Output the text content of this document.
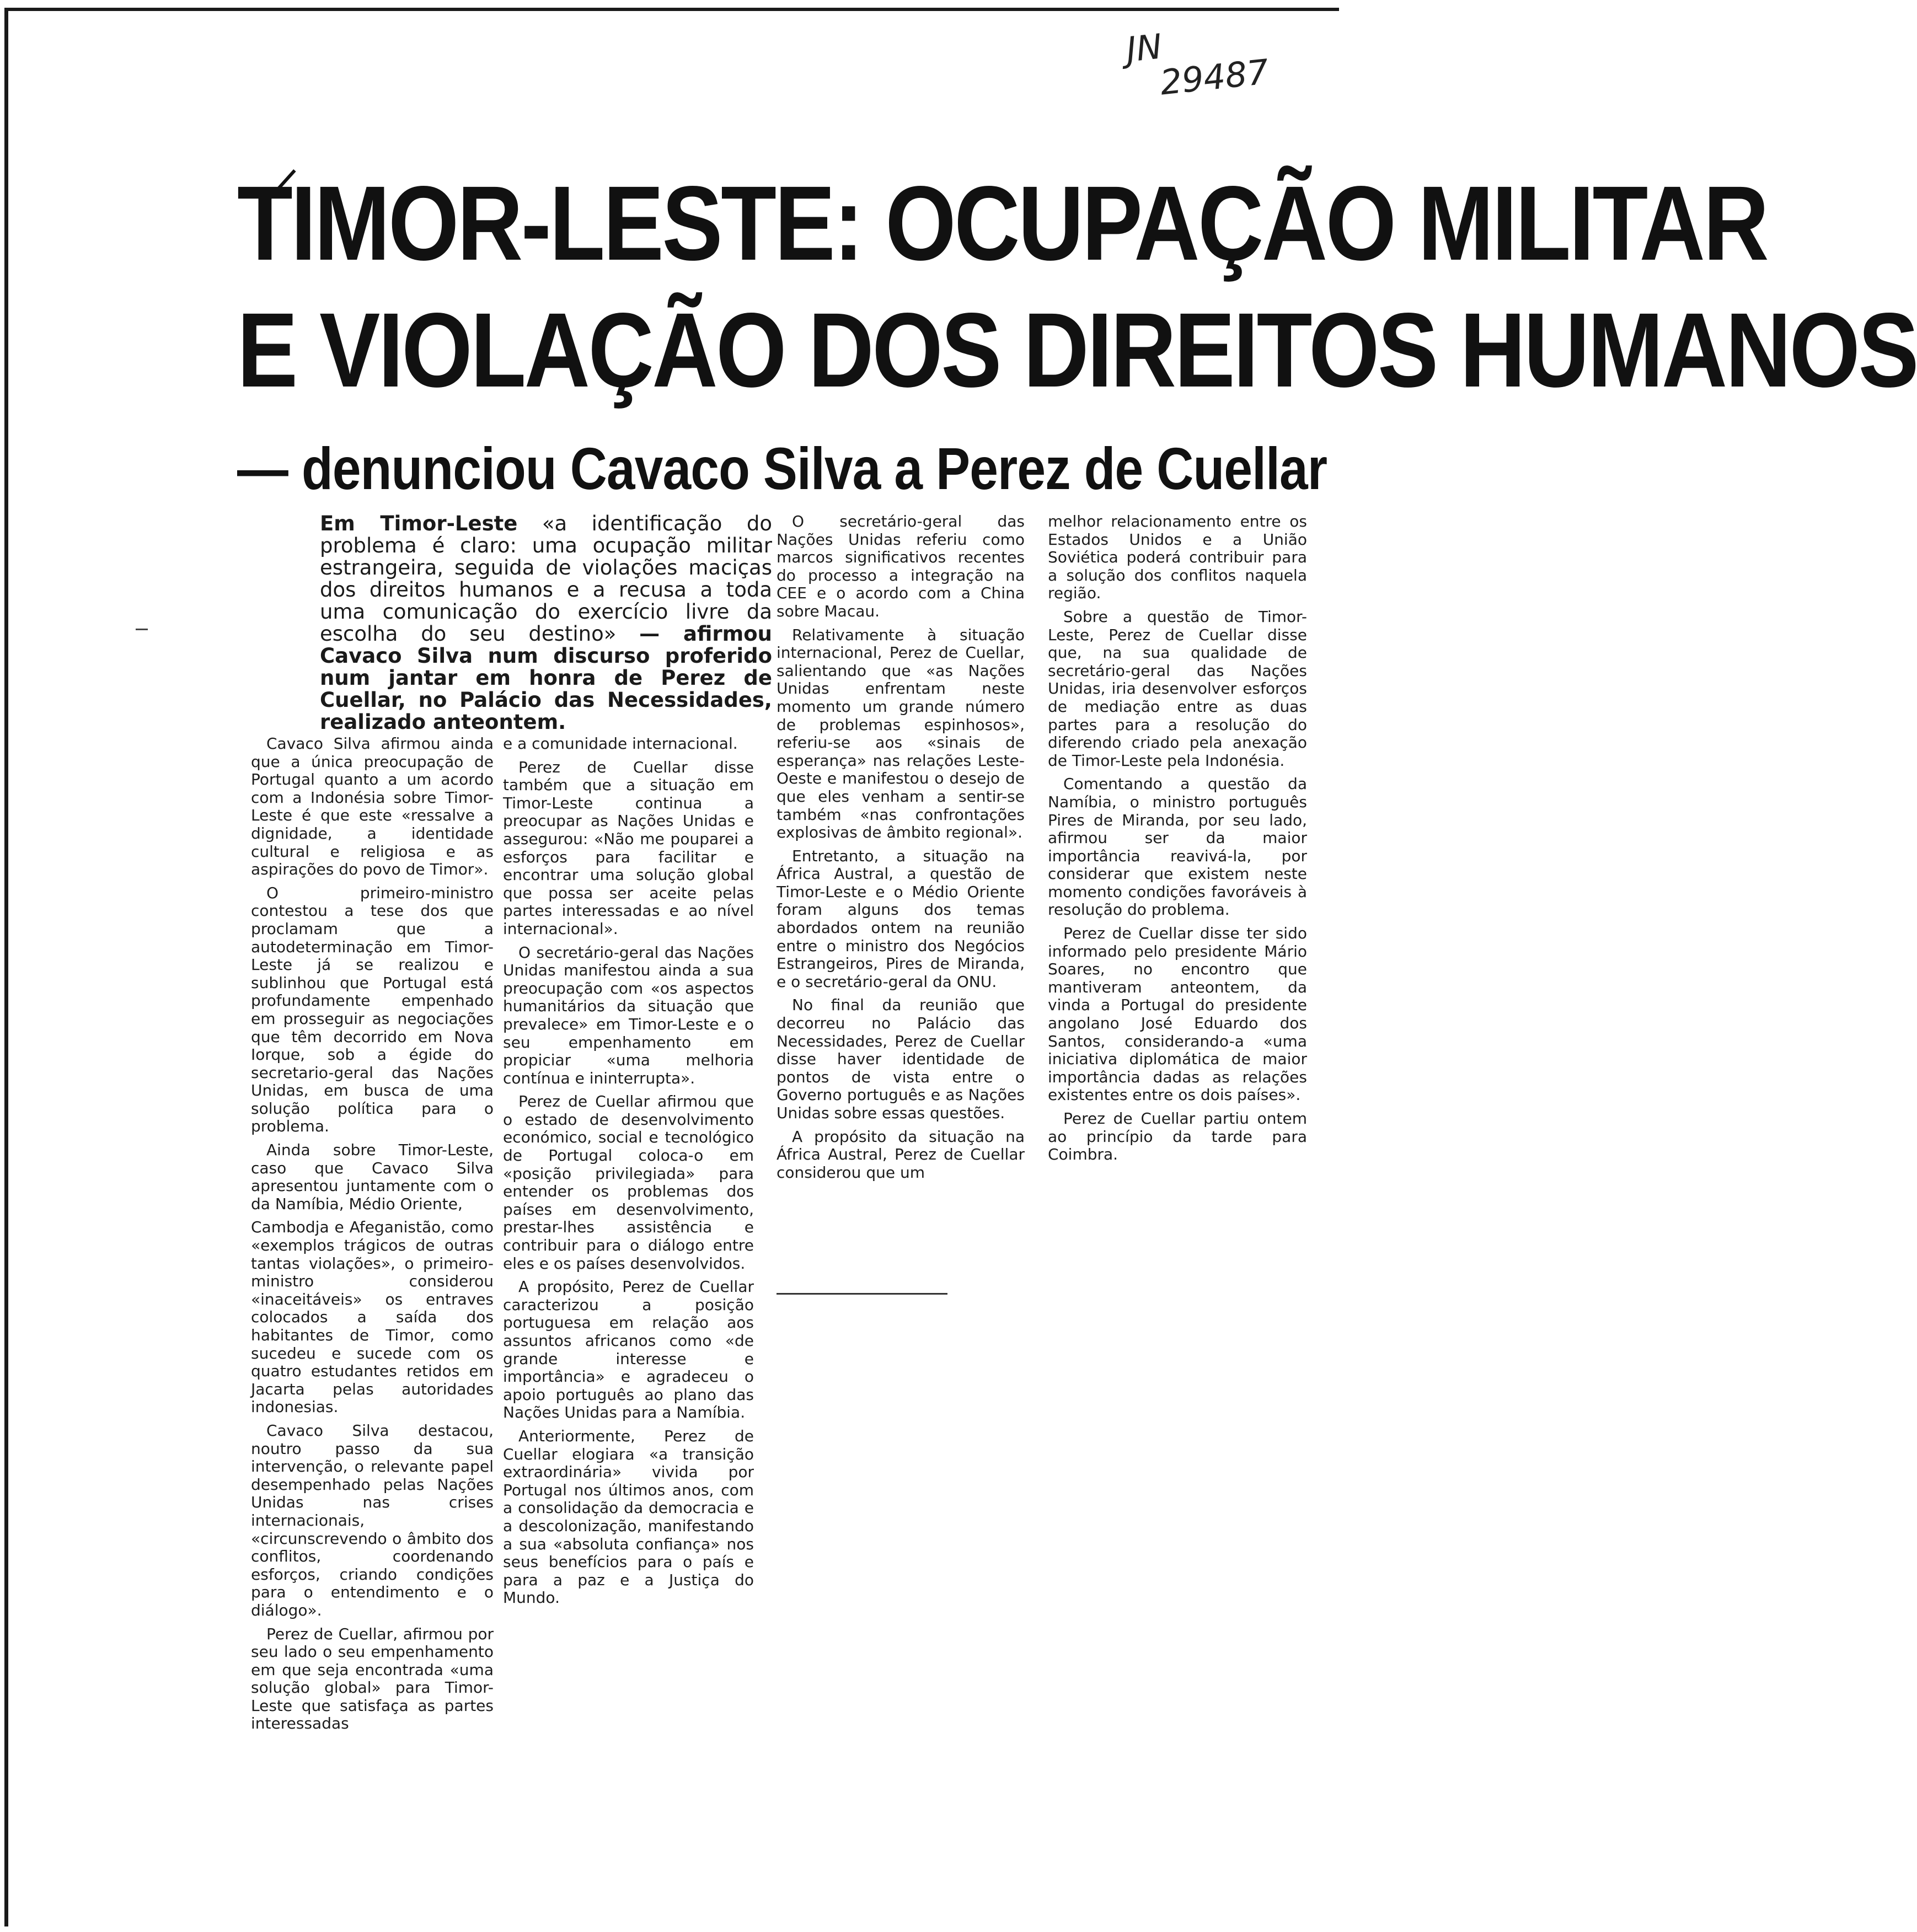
JN
29487
TIMOR-LESTE: OCUPAÇÃO MILITAR
E VIOLAÇÃO DOS DIREITOS HUMANOS
— denunciou Cavaco Silva a Perez de Cuellar
Em Timor-Leste «a identificação do problema é claro: uma ocupação militar estrangeira, seguida de violações maciças dos direitos humanos e a recusa a toda uma comunicação do exercício livre da escolha do seu destino» — afirmou Cavaco Silva num discurso proferido num jantar em honra de Perez de Cuellar, no Palácio das Necessidades, realizado anteontem.

Cavaco Silva afirmou ainda que a única preocupação de Portugal quanto a um acordo com a Indonésia sobre Timor-Leste é que este «ressalve a dignidade, a identidade cultural e religiosa e as aspirações do povo de Timor».

O primeiro-ministro contestou a tese dos que proclamam que a autodeterminação em Timor-Leste já se realizou e sublinhou que Portugal está profundamente empenhado em prosseguir as negociações que têm decorrido em Nova Iorque, sob a égide do secretario-geral das Nações Unidas, em busca de uma solução política para o problema.

Ainda sobre Timor-Leste, caso que Cavaco Silva apresentou juntamente com o da Namíbia, Médio Oriente,

Cambodja e Afeganistão, como «exemplos trágicos de outras tantas violações», o primeiro-ministro considerou «inaceitáveis» os entraves colocados a saída dos habitantes de Timor, como sucedeu e sucede com os quatro estudantes retidos em Jacarta pelas autoridades indonesias.

Cavaco Silva destacou, noutro passo da sua intervenção, o relevante papel desempenhado pelas Nações Unidas nas crises internacionais, «circunscrevendo o âmbito dos conflitos, coordenando esforços, criando condições para o entendimento e o diálogo».

Perez de Cuellar, afirmou por seu lado o seu empenhamento em que seja encontrada «uma solução global» para Timor-Leste que satisfaça as partes interessadas

e a comunidade internacional.

Perez de Cuellar disse também que a situação em Timor-Leste continua a preocupar as Nações Unidas e assegurou: «Não me pouparei a esforços para facilitar e encontrar uma solução global que possa ser aceite pelas partes interessadas e ao nível internacional».

O secretário-geral das Nações Unidas manifestou ainda a sua preocupação com «os aspectos humanitários da situação que prevalece» em Timor-Leste e o seu empenhamento em propiciar «uma melhoria contínua e ininterrupta».

Perez de Cuellar afirmou que o estado de desenvolvimento económico, social e tecnológico de Portugal coloca-o em «posição privilegiada» para entender os problemas dos países em desenvolvimento, prestar-lhes assistência e contribuir para o diálogo entre eles e os países desenvolvidos.

A propósito, Perez de Cuellar caracterizou a posição portuguesa em relação aos assuntos africanos como «de grande interesse e importância» e agradeceu o apoio português ao plano das Nações Unidas para a Namíbia.

Anteriormente, Perez de Cuellar elogiara «a transição extraordinária» vivida por Portugal nos últimos anos, com a consolidação da democracia e a descolonização, manifestando a sua «absoluta confiança» nos seus benefícios para o país e para a paz e a Justiça do Mundo.

O secretário-geral das Nações Unidas referiu como marcos significativos recentes do processo a integração na CEE e o acordo com a China sobre Macau.

Relativamente à situação internacional, Perez de Cuellar, salientando que «as Nações Unidas enfrentam neste momento um grande número de problemas espinhosos», referiu-se aos «sinais de esperança» nas relações Leste-Oeste e manifestou o desejo de que eles venham a sentir-se também «nas confrontações explosivas de âmbito regional».

Entretanto, a situação na África Austral, a questão de Timor-Leste e o Médio Oriente foram alguns dos temas abordados ontem na reunião entre o ministro dos Negócios Estrangeiros, Pires de Miranda, e o secretário-geral da ONU.

No final da reunião que decorreu no Palácio das Necessidades, Perez de Cuellar disse haver identidade de pontos de vista entre o Governo português e as Nações Unidas sobre essas questões.

A propósito da situação na África Austral, Perez de Cuellar considerou que um

melhor relacionamento entre os Estados Unidos e a União Soviética poderá contribuir para a solução dos conflitos naquela região.

Sobre a questão de Timor-Leste, Perez de Cuellar disse que, na sua qualidade de secretário-geral das Nações Unidas, iria desenvolver esforços de mediação entre as duas partes para a resolução do diferendo criado pela anexação de Timor-Leste pela Indonésia.

Comentando a questão da Namíbia, o ministro português Pires de Miranda, por seu lado, afirmou ser da maior importância reavivá-la, por considerar que existem neste momento condições favoráveis à resolução do problema.

Perez de Cuellar disse ter sido informado pelo presidente Mário Soares, no encontro que mantiveram anteontem, da vinda a Portugal do presidente angolano José Eduardo dos Santos, considerando-a «uma iniciativa diplomática de maior importância dadas as relações existentes entre os dois países».

Perez de Cuellar partiu ontem ao princípio da tarde para Coimbra.
